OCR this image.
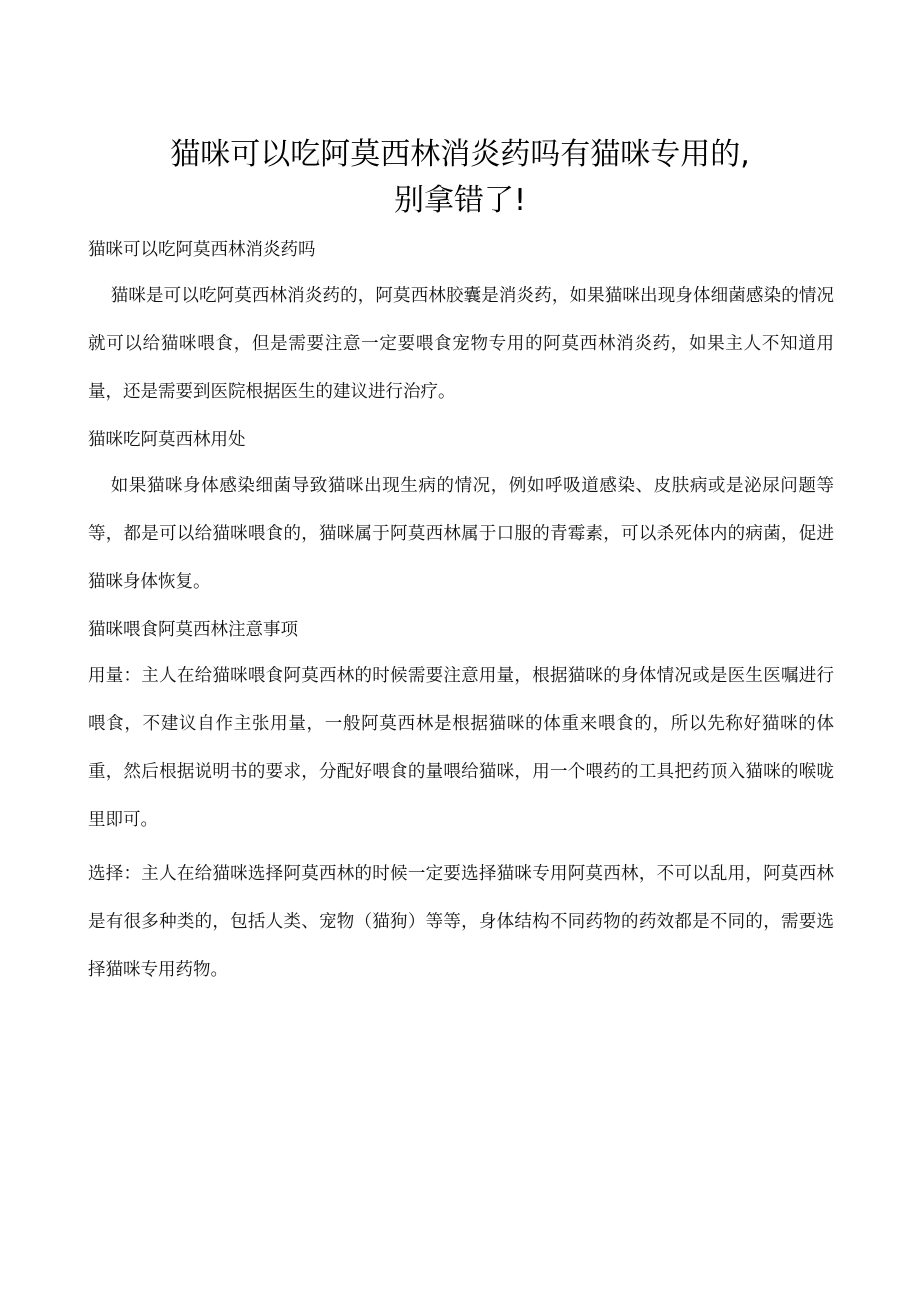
猫咪可以吃阿莫西林消炎药吗有猫咪专用的,
别拿错了!
猫咪可以吃阿莫西林消炎药吗

猫咪是可以吃阿莫西林消炎药的，阿莫西林胶囊是消炎药，如果猫咪出现身体细菌感染的情况就可以给猫咪喂食，但是需要注意一定要喂食宠物专用的阿莫西林消炎药，如果主人不知道用量，还是需要到医院根据医生的建议进行治疗。

猫咪吃阿莫西林用处

如果猫咪身体感染细菌导致猫咪出现生病的情况，例如呼吸道感染、皮肤病或是泌尿问题等等，都是可以给猫咪喂食的，猫咪属于阿莫西林属于口服的青霉素，可以杀死体内的病菌，促进猫咪身体恢复。

猫咪喂食阿莫西林注意事项

用量：主人在给猫咪喂食阿莫西林的时候需要注意用量，根据猫咪的身体情况或是医生医嘱进行喂食，不建议自作主张用量，一般阿莫西林是根据猫咪的体重来喂食的，所以先称好猫咪的体重，然后根据说明书的要求，分配好喂食的量喂给猫咪，用一个喂药的工具把药顶入猫咪的喉咙里即可。

选择：主人在给猫咪选择阿莫西林的时候一定要选择猫咪专用阿莫西林，不可以乱用，阿莫西林是有很多种类的，包括人类、宠物（猫狗）等等，身体结构不同药物的药效都是不同的，需要选择猫咪专用药物。
